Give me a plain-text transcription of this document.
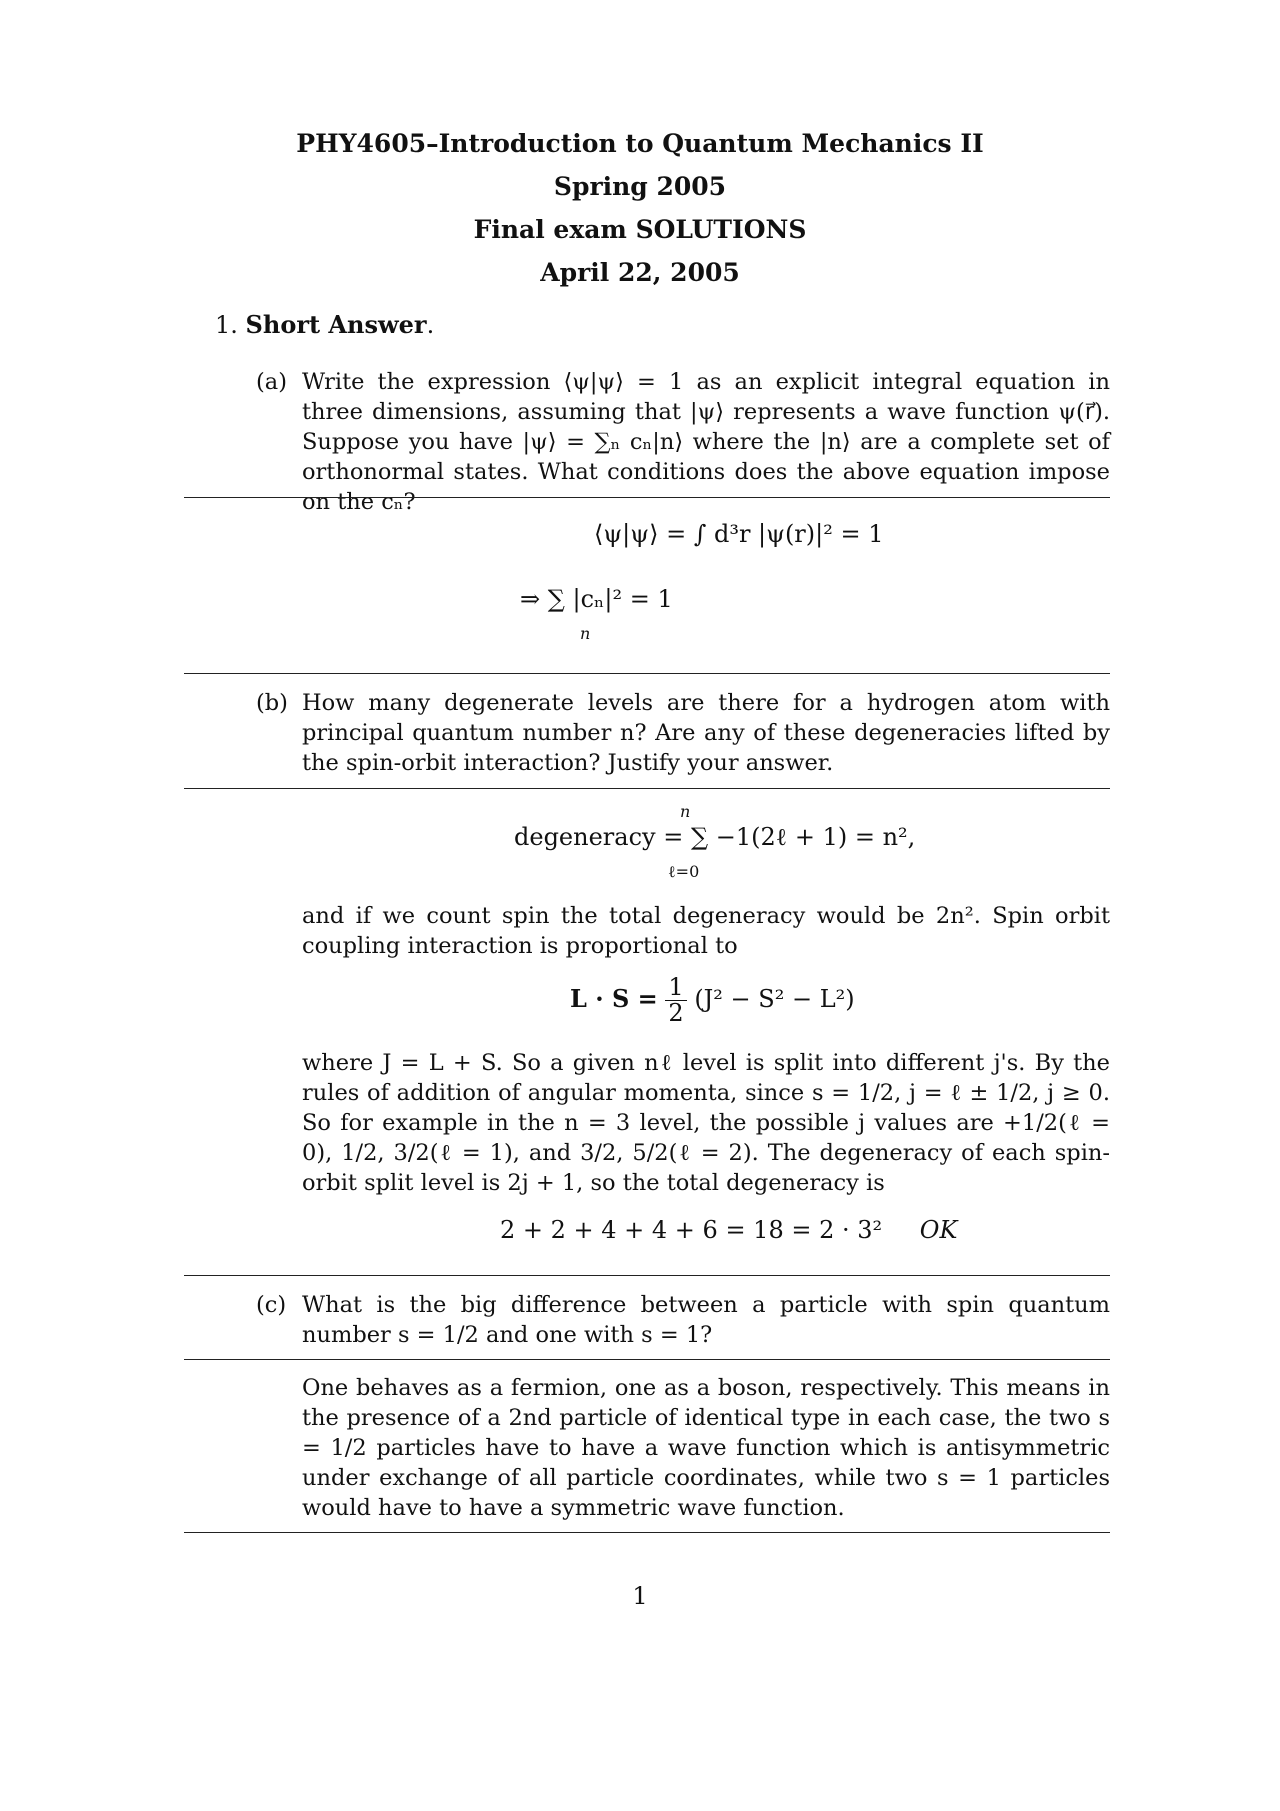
PHY4605–Introduction to Quantum Mechanics II
Spring 2005
Final exam SOLUTIONS
April 22, 2005
1. Short Answer.
(a) Write the expression ⟨ψ|ψ⟩ = 1 as an explicit integral equation in three dimensions, assuming that |ψ⟩ represents a wave function ψ(r⃗). Suppose you have |ψ⟩ = ∑ₙ cₙ|n⟩ where the |n⟩ are a complete set of orthonormal states. What conditions does the above equation impose on the cₙ?
⟨ψ|ψ⟩ = ∫ d³r |ψ(r)|² = 1
⇒ ∑ |cₙ|² = 1
n
(b) How many degenerate levels are there for a hydrogen atom with principal quantum number n? Are any of these degeneracies lifted by the spin-orbit interaction? Justify your answer.
n
degeneracy = ∑ −1(2ℓ + 1) = n²,
ℓ=0
and if we count spin the total degeneracy would be 2n². Spin orbit coupling interaction is proportional to
$L \cdot S = \frac{1}{2} (J^2 - S^2 - L^2)$
where J = L + S. So a given nℓ level is split into different j's. By the rules of addition of angular momenta, since s = 1/2, j = ℓ ± 1/2, j ≥ 0. So for example in the n = 3 level, the possible j values are +1/2(ℓ = 0), 1/2, 3/2(ℓ = 1), and 3/2, 5/2(ℓ = 2). The degeneracy of each spin-orbit split level is 2j + 1, so the total degeneracy is
2 + 2 + 4 + 4 + 6 = 18 = 2 · 3² OK
(c) What is the big difference between a particle with spin quantum number s = 1/2 and one with s = 1?
One behaves as a fermion, one as a boson, respectively. This means in the presence of a 2nd particle of identical type in each case, the two s = 1/2 particles have to have a wave function which is antisymmetric under exchange of all particle coordinates, while two s = 1 particles would have to have a symmetric wave function.
1
